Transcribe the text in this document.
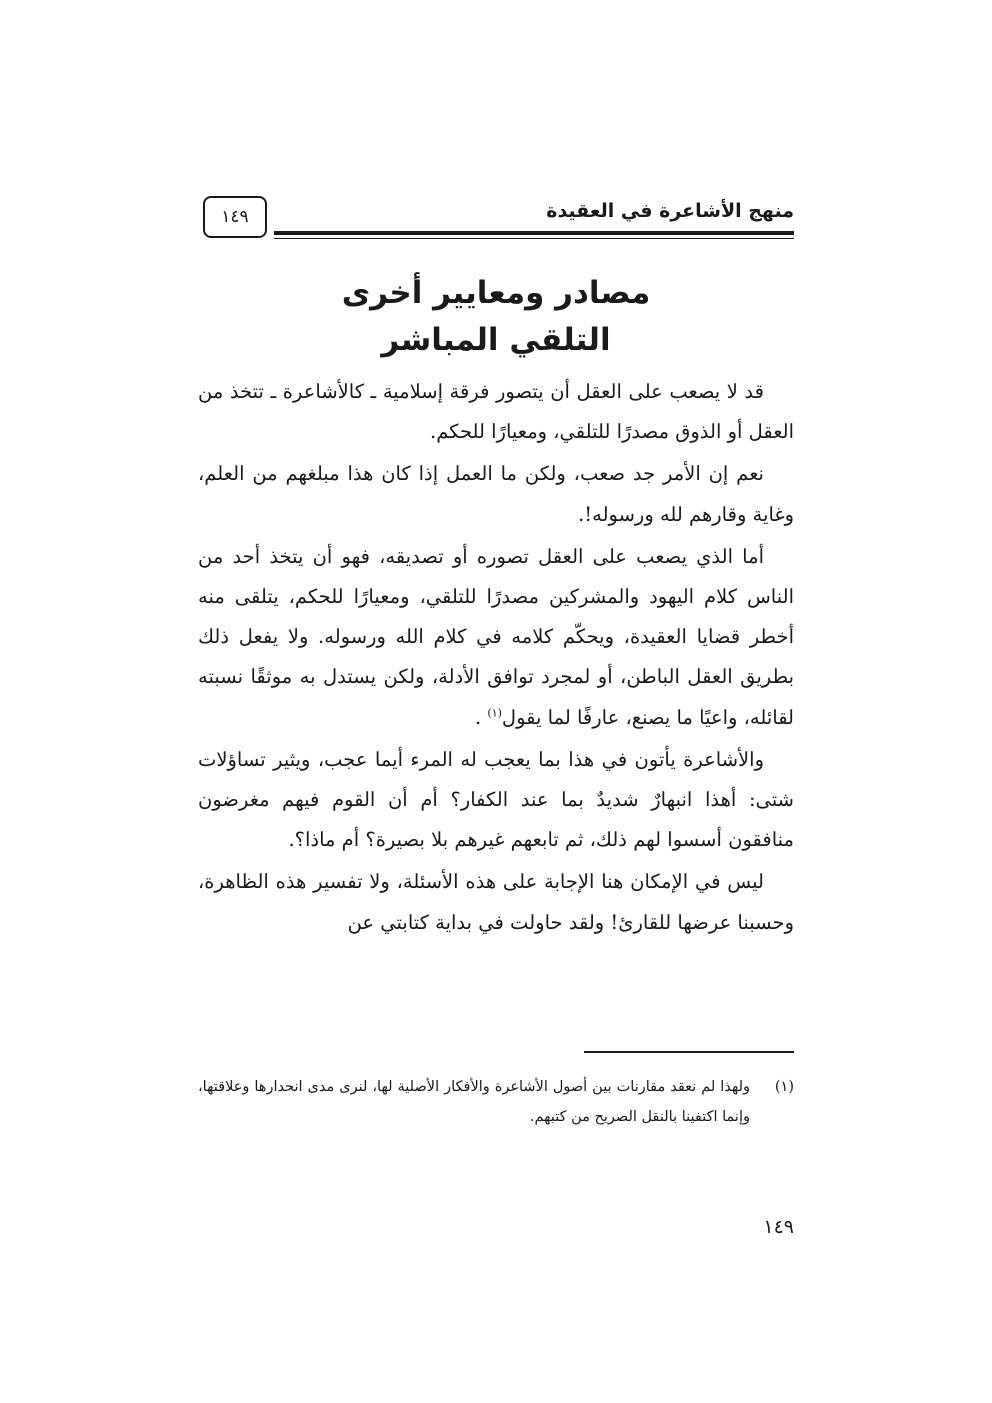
منهج الأشاعرة في العقيدة
١٤٩
مصادر ومعايير أخرى
التلقي المباشر

قد لا يصعب على العقل أن يتصور فرقة إسلامية ـ كالأشاعرة ـ تتخذ من العقل أو الذوق مصدرًا للتلقي، ومعيارًا للحكم.

نعم إن الأمر جد صعب، ولكن ما العمل إذا كان هذا مبلغهم من العلم، وغاية وقارهم لله ورسوله!.

أما الذي يصعب على العقل تصوره أو تصديقه، فهو أن يتخذ أحد من الناس كلام اليهود والمشركين مصدرًا للتلقي، ومعيارًا للحكم، يتلقى منه أخطر قضايا العقيدة، ويحكّم كلامه في كلام الله ورسوله. ولا يفعل ذلك بطريق العقل الباطن، أو لمجرد توافق الأدلة، ولكن يستدل به موثقًا نسبته لقائله، واعيًا ما يصنع، عارفًا لما يقول$^{(١)}$ .

والأشاعرة يأتون في هذا بما يعجب له المرء أيما عجب، ويثير تساؤلات شتى: أهذا انبهارٌ شديدٌ بما عند الكفار؟ أم أن القوم فيهم مغرضون منافقون أسسوا لهم ذلك، ثم تابعهم غيرهم بلا بصيرة؟ أم ماذا؟.

ليس في الإمكان هنا الإجابة على هذه الأسئلة، ولا تفسير هذه الظاهرة، وحسبنا عرضها للقارئ! ولقد حاولت في بداية كتابتي عن

(١)
ولهذا لم نعقد مقارنات بين أصول الأشاعرة والأفكار الأصلية لها، لنرى مدى انحدارها وعلاقتها، وإنما اكتفينا بالنقل الصريح من كتبهم.
١٤٩
